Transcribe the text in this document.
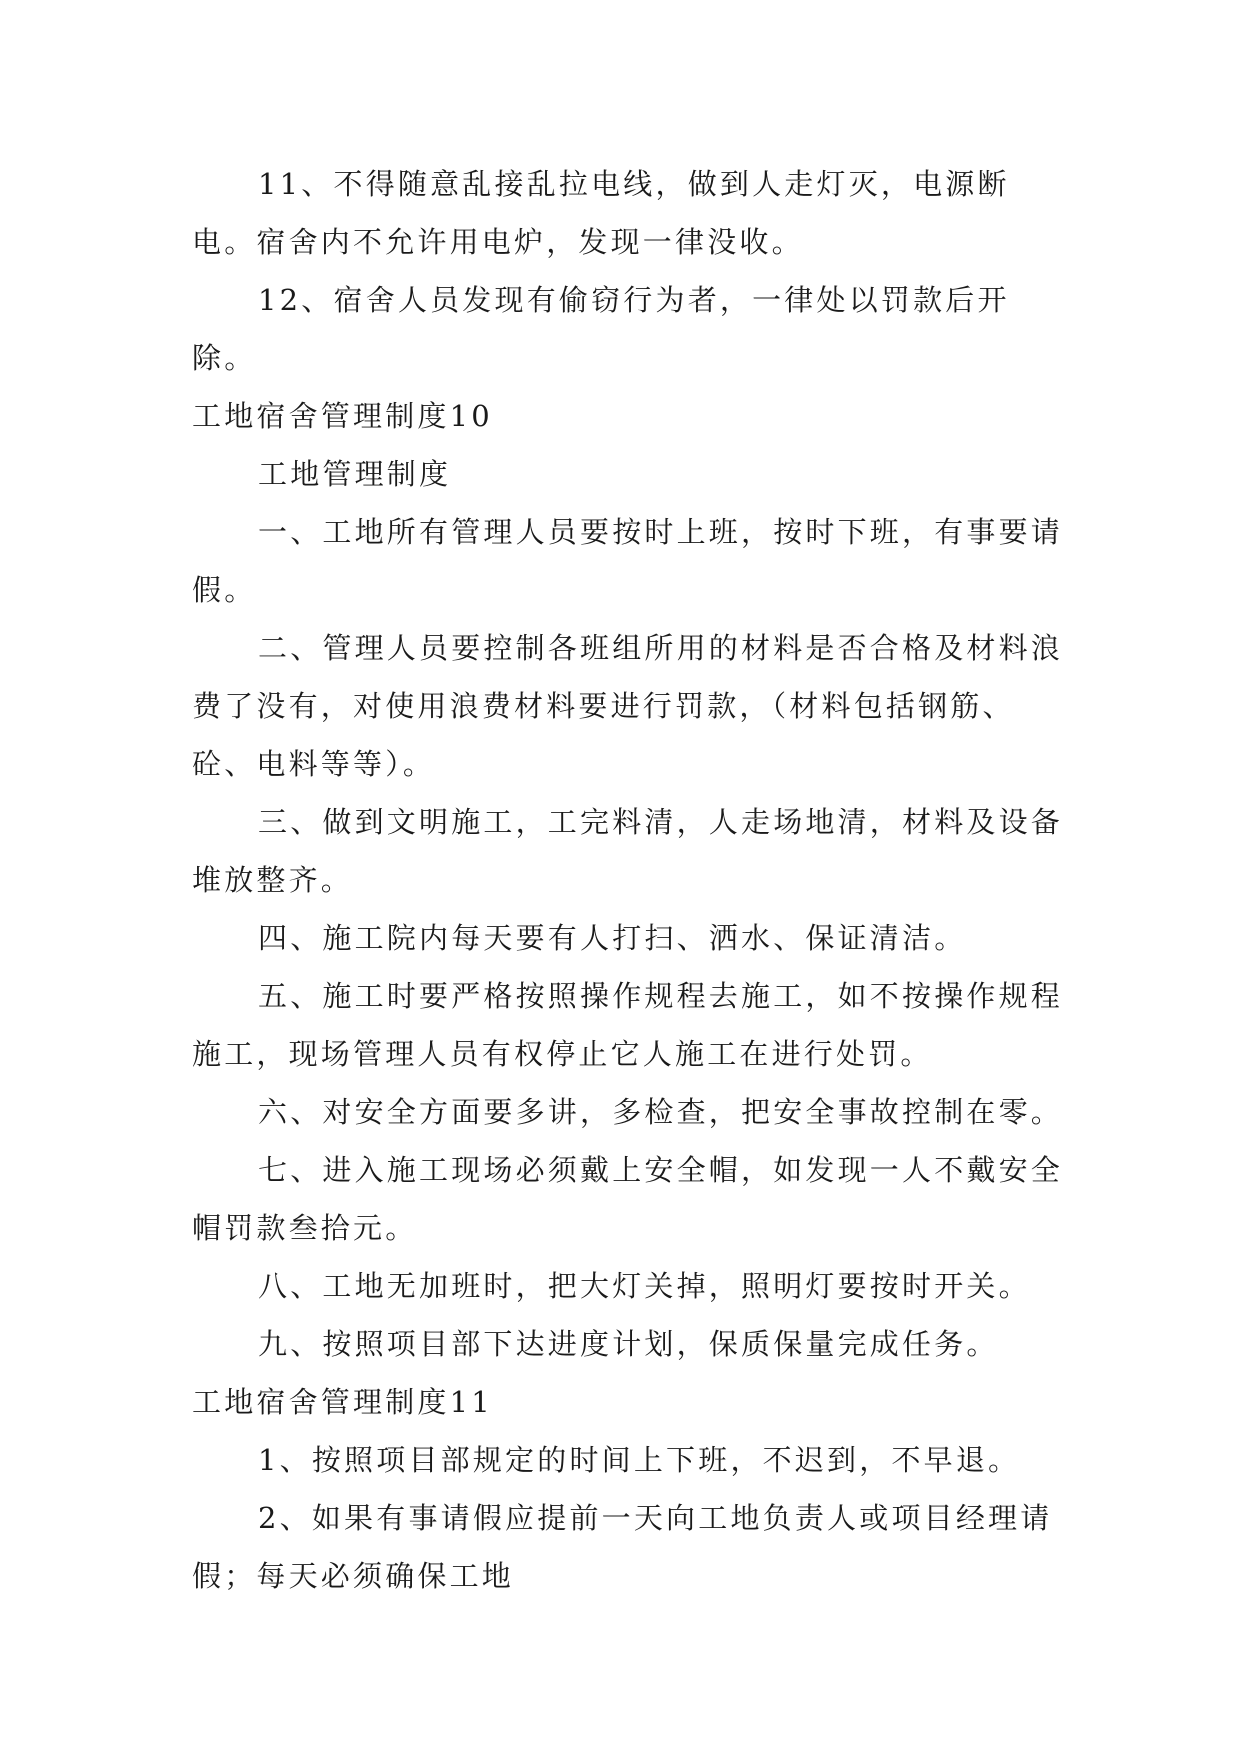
11、不得随意乱接乱拉电线，做到人走灯灭，电源断电。宿舍内不允许用电炉，发现一律没收。

12、宿舍人员发现有偷窃行为者，一律处以罚款后开除。

工地宿舍管理制度10

工地管理制度

一、工地所有管理人员要按时上班，按时下班，有事要请假。

二、管理人员要控制各班组所用的材料是否合格及材料浪费了没有，对使用浪费材料要进行罚款，（材料包括钢筋、砼、电料等等）。

三、做到文明施工，工完料清，人走场地清，材料及设备堆放整齐。

四、施工院内每天要有人打扫、洒水、保证清洁。

五、施工时要严格按照操作规程去施工，如不按操作规程施工，现场管理人员有权停止它人施工在进行处罚。

六、对安全方面要多讲，多检查，把安全事故控制在零。

七、进入施工现场必须戴上安全帽，如发现一人不戴安全帽罚款叁拾元。

八、工地无加班时，把大灯关掉，照明灯要按时开关。

九、按照项目部下达进度计划，保质保量完成任务。

工地宿舍管理制度11

1、按照项目部规定的时间上下班，不迟到，不早退。

2、如果有事请假应提前一天向工地负责人或项目经理请假；每天必须确保工地
